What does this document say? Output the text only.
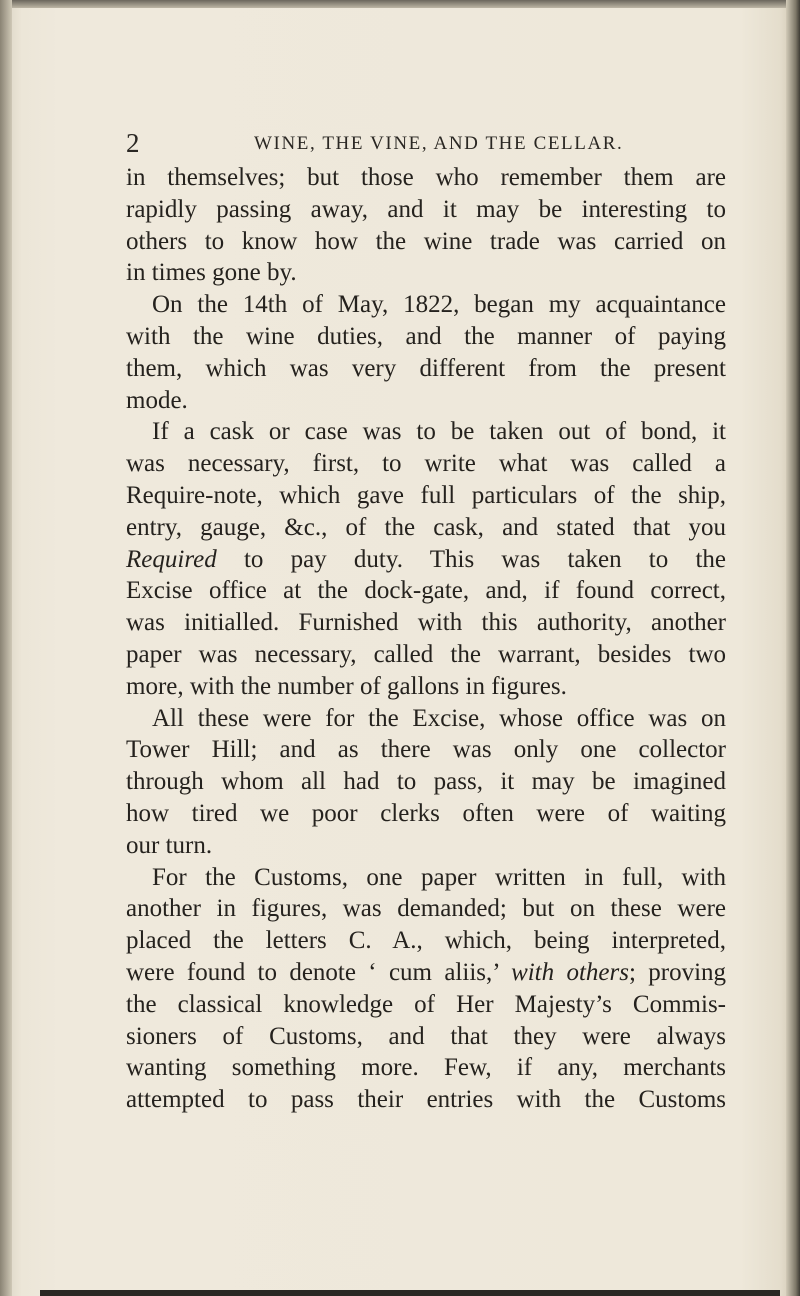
2	WINE, THE VINE, AND THE CELLAR.
in themselves; but those who remember them are
rapidly passing away, and it may be interesting to
others to know how the wine trade was carried on
in times gone by.
On the 14th of May, 1822, began my acquaintance
with the wine duties, and the manner of paying
them, which was very different from the present
mode.
If a cask or case was to be taken out of bond, it
was necessary, first, to write what was called a
Require-note, which gave full particulars of the ship,
entry, gauge, &c., of the cask, and stated that you
Required to pay duty. This was taken to the
Excise office at the dock-gate, and, if found correct,
was initialled. Furnished with this authority, another
paper was necessary, called the warrant, besides two
more, with the number of gallons in figures.
All these were for the Excise, whose office was on
Tower Hill; and as there was only one collector
through whom all had to pass, it may be imagined
how tired we poor clerks often were of waiting
our turn.
For the Customs, one paper written in full, with
another in figures, was demanded; but on these were
placed the letters C. A., which, being interpreted,
were found to denote ‘ cum aliis,’ with others; proving
the classical knowledge of Her Majesty’s Commis-
sioners of Customs, and that they were always
wanting something more. Few, if any, merchants
attempted to pass their entries with the Customs
